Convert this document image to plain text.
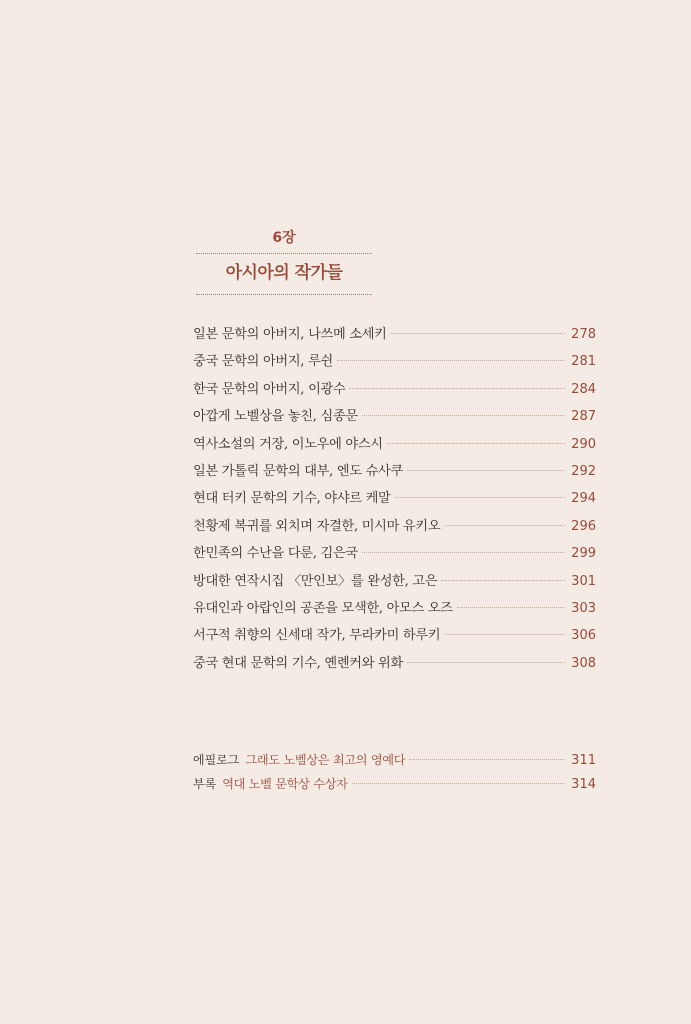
6장
아시아의 작가들
일본 문학의 아버지, 나쓰메 소세키	278
중국 문학의 아버지, 루쉰	281
한국 문학의 아버지, 이광수	284
아깝게 노벨상을 놓친, 심종문	287
역사소설의 거장, 이노우에 야스시	290
일본 가톨릭 문학의 대부, 엔도 슈사쿠	292
현대 터키 문학의 기수, 야샤르 케말	294
천황제 복귀를 외치며 자결한, 미시마 유키오	296
한민족의 수난을 다룬, 김은국	299
방대한 연작시집 〈만인보〉를 완성한, 고은	301
유대인과 아랍인의 공존을 모색한, 아모스 오즈	303
서구적 취향의 신세대 작가, 무라카미 하루키	306
중국 현대 문학의 기수, 옌롄커와 위화	308
에필로그 그래도 노벨상은 최고의 영예다	311
부록 역대 노벨 문학상 수상자	314
